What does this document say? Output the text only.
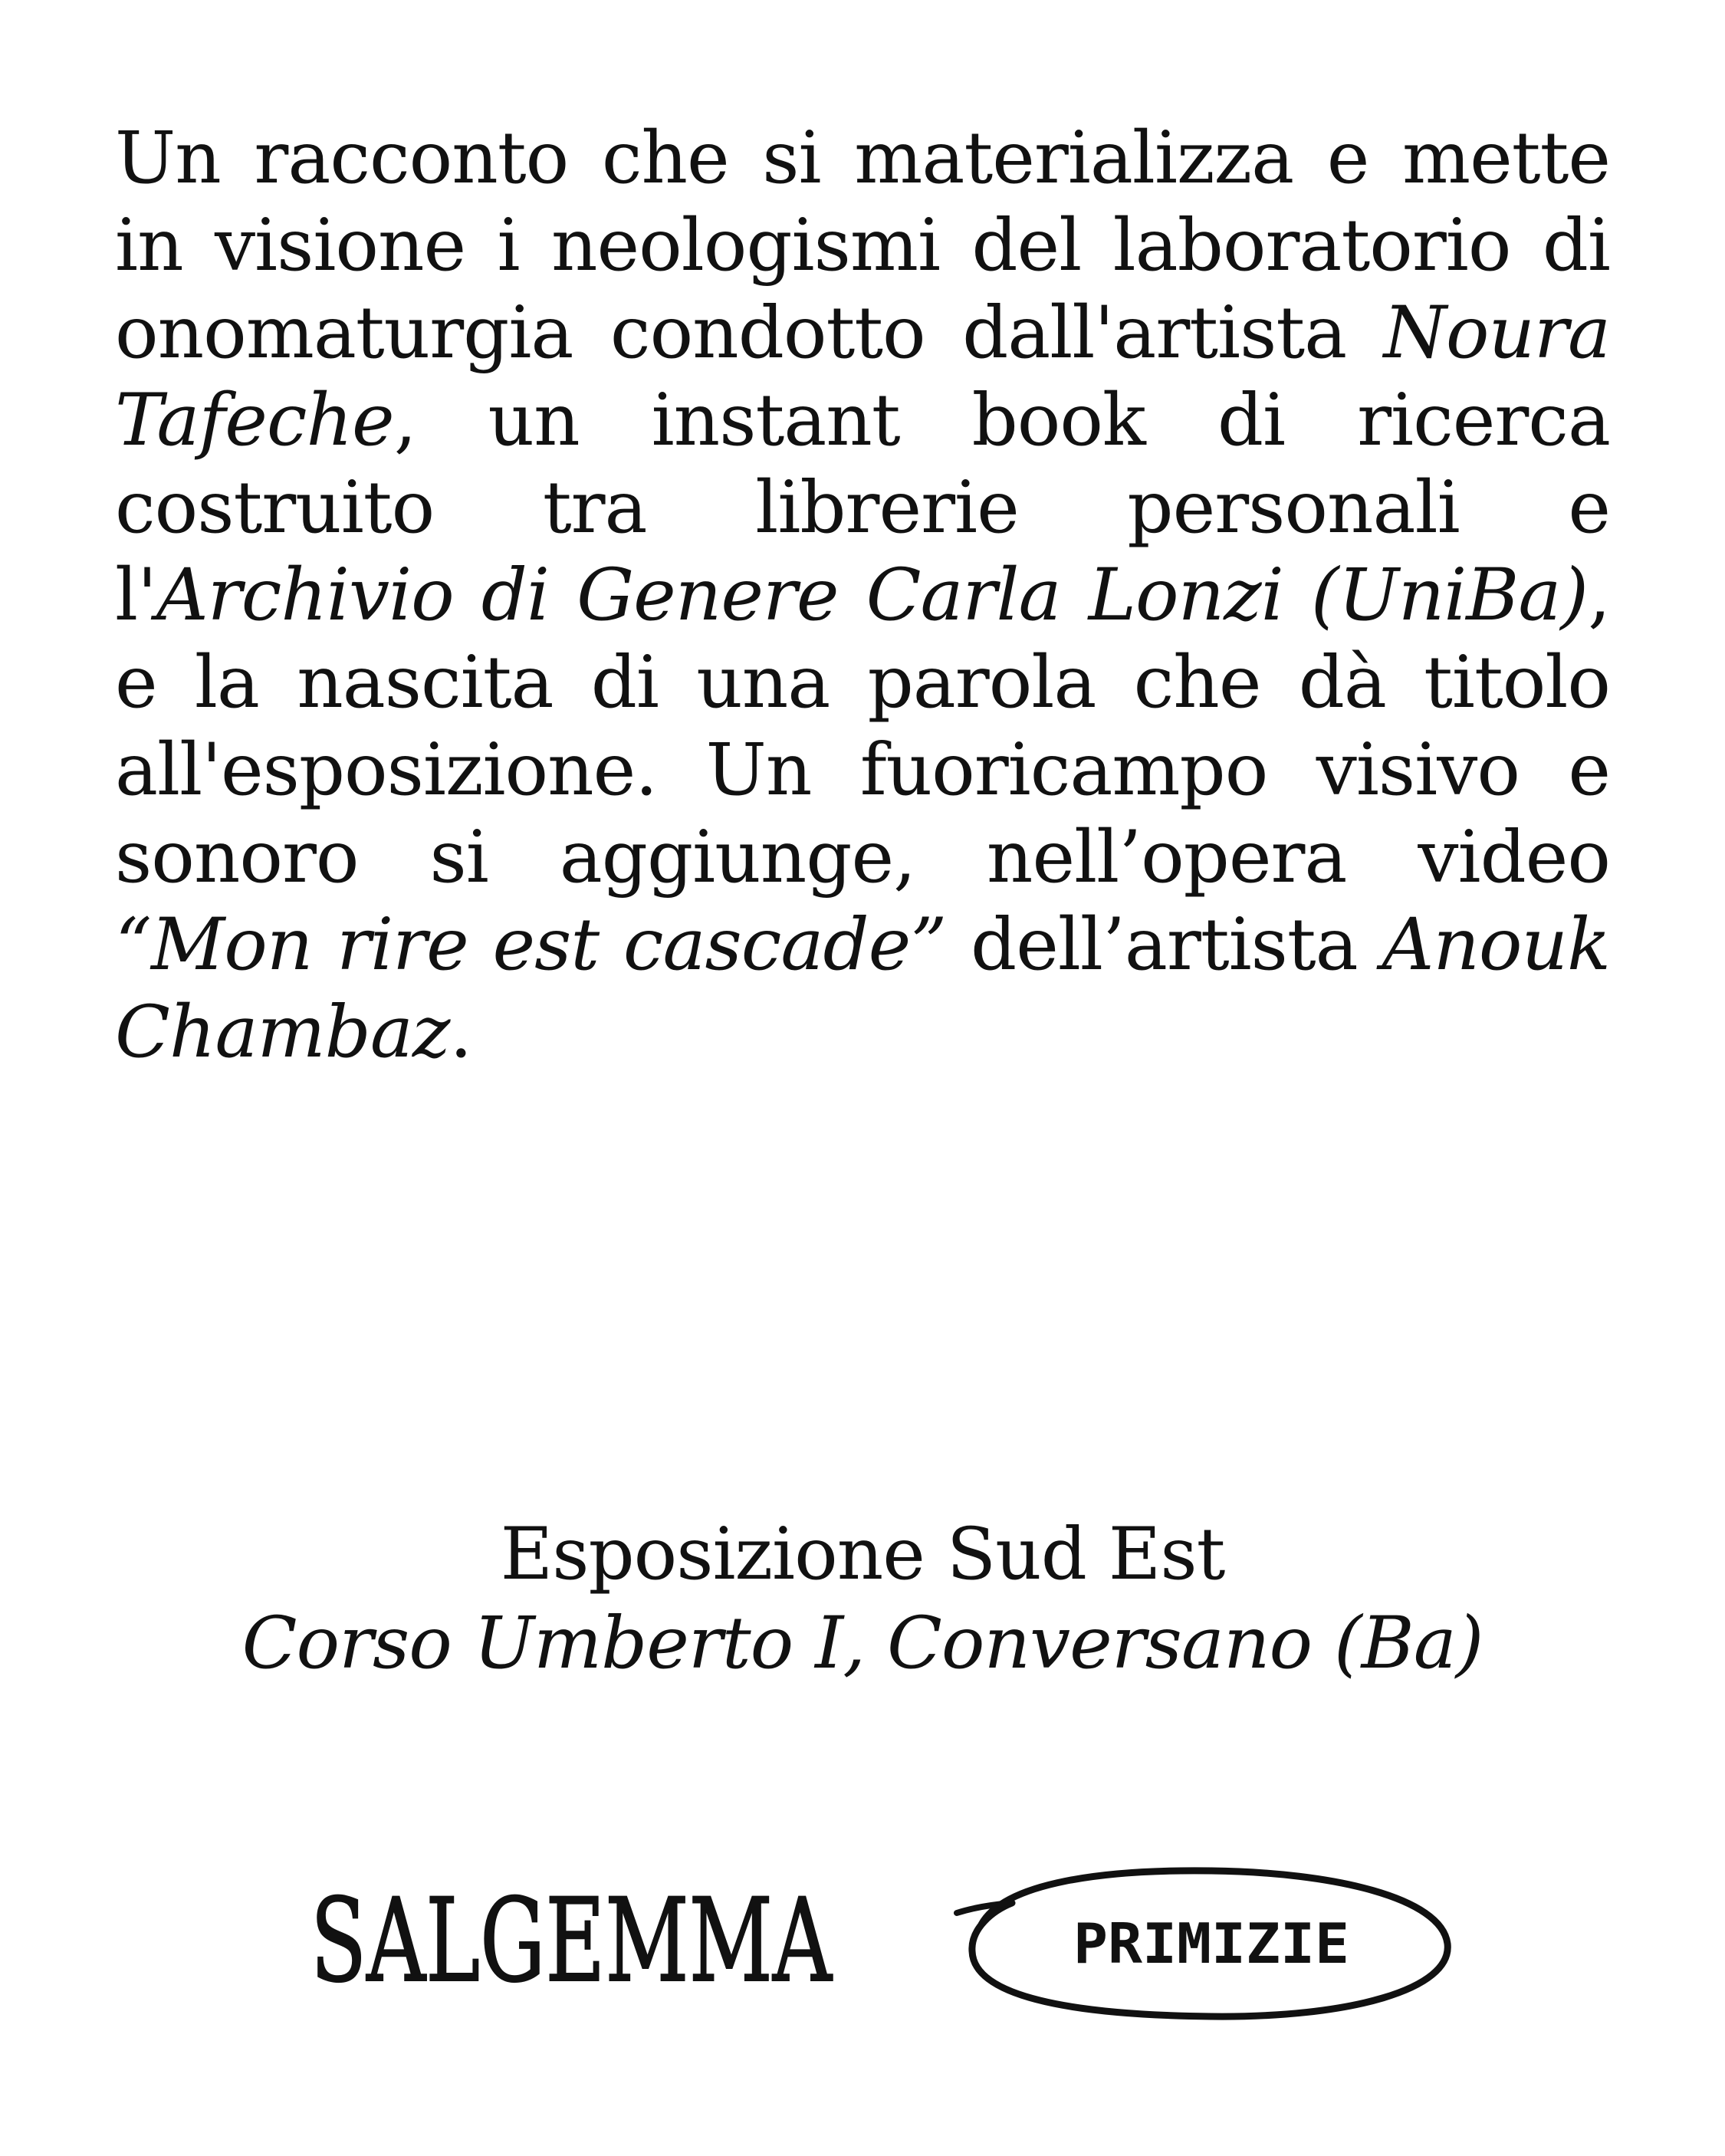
Un racconto che si materializza e mette in visione i neologismi del laboratorio di onomaturgia condotto dall'artista Noura Tafeche, un instant book di ricerca costruito tra librerie personali e l'Archivio di Genere Carla Lonzi (UniBa), e la nascita di una parola che dà titolo all'esposizione. Un fuoricampo visivo e sonoro si aggiunge, nell’opera video “Mon rire est cascade” dell’artista Anouk Chambaz.

Esposizione Sud Est
Corso Umberto I, Conversano (Ba)
SALGEMMA	PRIMIZIE
